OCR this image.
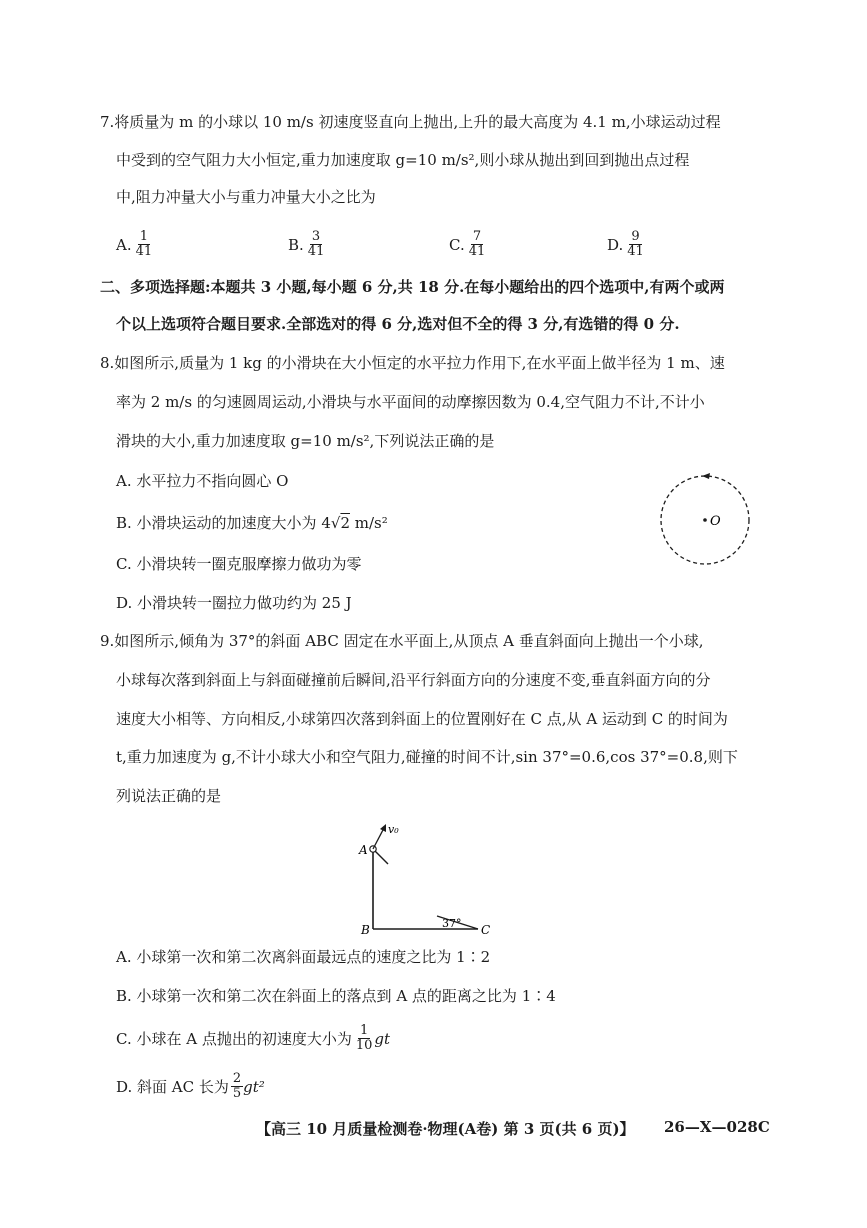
7.将质量为 m 的小球以 10 m/s 初速度竖直向上抛出,上升的最大高度为 4.1 m,小球运动过程
中受到的空气阻力大小恒定,重力加速度取 g=10 m/s²,则小球从抛出到回到抛出点过程
中,阻力冲量大小与重力冲量大小之比为
A. $\frac{1}{41}$	B. $\frac{3}{41}$	C. $\frac{7}{41}$	D. $\frac{9}{41}$
二、多项选择题:本题共 3 小题,每小题 6 分,共 18 分.在每小题给出的四个选项中,有两个或两
个以上选项符合题目要求.全部选对的得 6 分,选对但不全的得 3 分,有选错的得 0 分.
8.如图所示,质量为 1 kg 的小滑块在大小恒定的水平拉力作用下,在水平面上做半径为 1 m、速
率为 2 m/s 的匀速圆周运动,小滑块与水平面间的动摩擦因数为 0.4,空气阻力不计,不计小
滑块的大小,重力加速度取 g=10 m/s²,下列说法正确的是
A. 水平拉力不指向圆心 O
B. 小滑块运动的加速度大小为 4√2 m/s²
C. 小滑块转一圈克服摩擦力做功为零
D. 小滑块转一圈拉力做功约为 25 J
O
9.如图所示,倾角为 37°的斜面 ABC 固定在水平面上,从顶点 A 垂直斜面向上抛出一个小球,
小球每次落到斜面上与斜面碰撞前后瞬间,沿平行斜面方向的分速度不变,垂直斜面方向的分
速度大小相等、方向相反,小球第四次落到斜面上的位置刚好在 C 点,从 A 运动到 C 的时间为
t,重力加速度为 g,不计小球大小和空气阻力,碰撞的时间不计,sin 37°=0.6,cos 37°=0.8,则下
列说法正确的是
v₀
A
B	C
37°
A. 小球第一次和第二次离斜面最远点的速度之比为 1∶2
B. 小球第一次和第二次在斜面上的落点到 A 点的距离之比为 1∶4
C. 小球在 A 点抛出的初速度大小为 $\frac{1}{10}$ gt
D. 斜面 AC 长为 $\frac{2}{5} gt^2$
【高三 10 月质量检测卷·物理(A卷) 第 3 页(共 6 页)】 26—X—028C
